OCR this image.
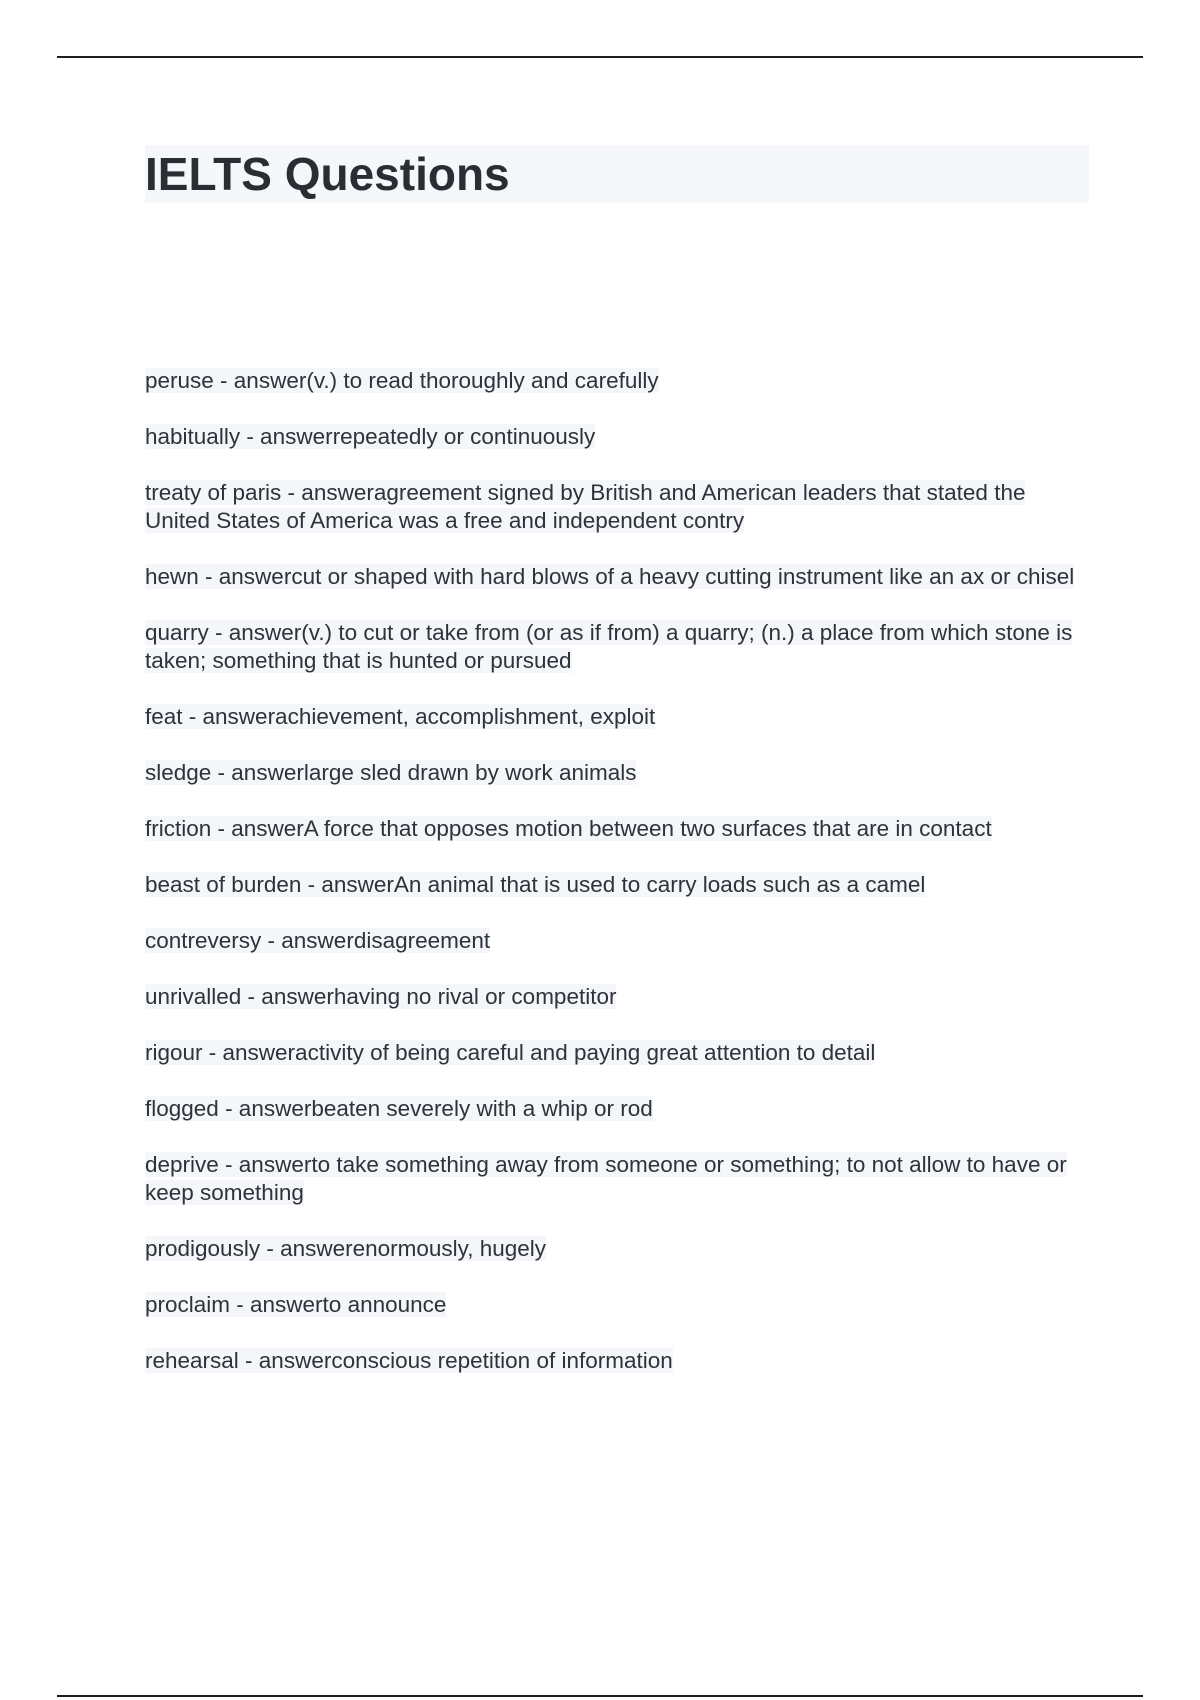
IELTS Questions

peruse - answer(v.) to read thoroughly and carefully

habitually - answerrepeatedly or continuously

treaty of paris - answeragreement signed by British and American leaders that stated the United States of America was a free and independent contry

hewn - answercut or shaped with hard blows of a heavy cutting instrument like an ax or chisel

quarry - answer(v.) to cut or take from (or as if from) a quarry; (n.) a place from which stone is taken; something that is hunted or pursued

feat - answerachievement, accomplishment, exploit

sledge - answerlarge sled drawn by work animals

friction - answerA force that opposes motion between two surfaces that are in contact

beast of burden - answerAn animal that is used to carry loads such as a camel

contreversy - answerdisagreement

unrivalled - answerhaving no rival or competitor

rigour - answeractivity of being careful and paying great attention to detail

flogged - answerbeaten severely with a whip or rod

deprive - answerto take something away from someone or something; to not allow to have or keep something

prodigously - answerenormously, hugely

proclaim - answerto announce

rehearsal - answerconscious repetition of information
